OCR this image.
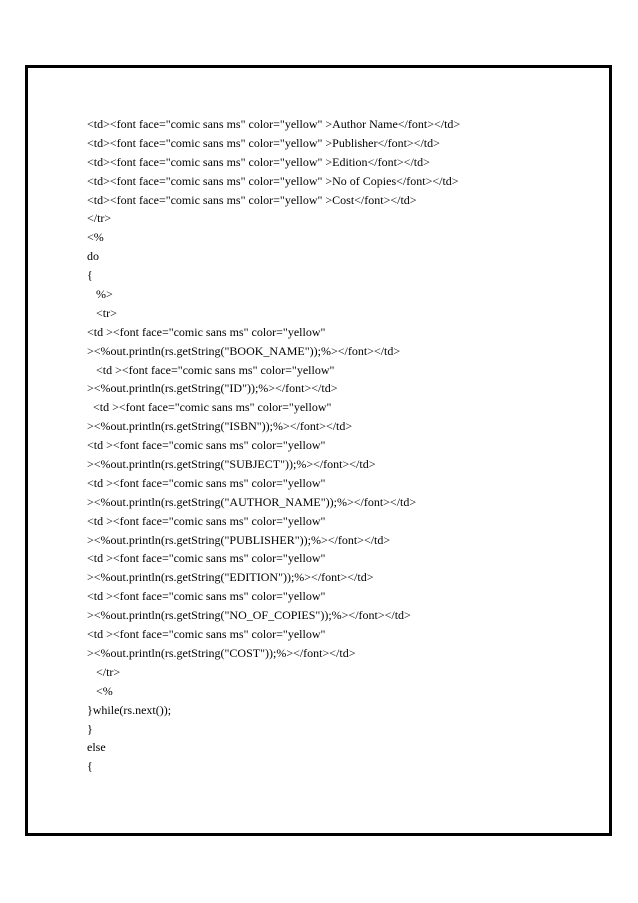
<td><font face="comic sans ms" color="yellow" >Author Name</font></td>
<td><font face="comic sans ms" color="yellow" >Publisher</font></td>
<td><font face="comic sans ms" color="yellow" >Edition</font></td>
<td><font face="comic sans ms" color="yellow" >No of Copies</font></td>
<td><font face="comic sans ms" color="yellow" >Cost</font></td>
</tr>
<%
do
{
%>
<tr>
<td ><font face="comic sans ms" color="yellow"
><%out.println(rs.getString("BOOK_NAME"));%></font></td>
<td ><font face="comic sans ms" color="yellow"
><%out.println(rs.getString("ID"));%></font></td>
<td ><font face="comic sans ms" color="yellow"
><%out.println(rs.getString("ISBN"));%></font></td>
<td ><font face="comic sans ms" color="yellow"
><%out.println(rs.getString("SUBJECT"));%></font></td>
<td ><font face="comic sans ms" color="yellow"
><%out.println(rs.getString("AUTHOR_NAME"));%></font></td>
<td ><font face="comic sans ms" color="yellow"
><%out.println(rs.getString("PUBLISHER"));%></font></td>
<td ><font face="comic sans ms" color="yellow"
><%out.println(rs.getString("EDITION"));%></font></td>
<td ><font face="comic sans ms" color="yellow"
><%out.println(rs.getString("NO_OF_COPIES"));%></font></td>
<td ><font face="comic sans ms" color="yellow"
><%out.println(rs.getString("COST"));%></font></td>
</tr>
<%
}while(rs.next());
}
else
{
